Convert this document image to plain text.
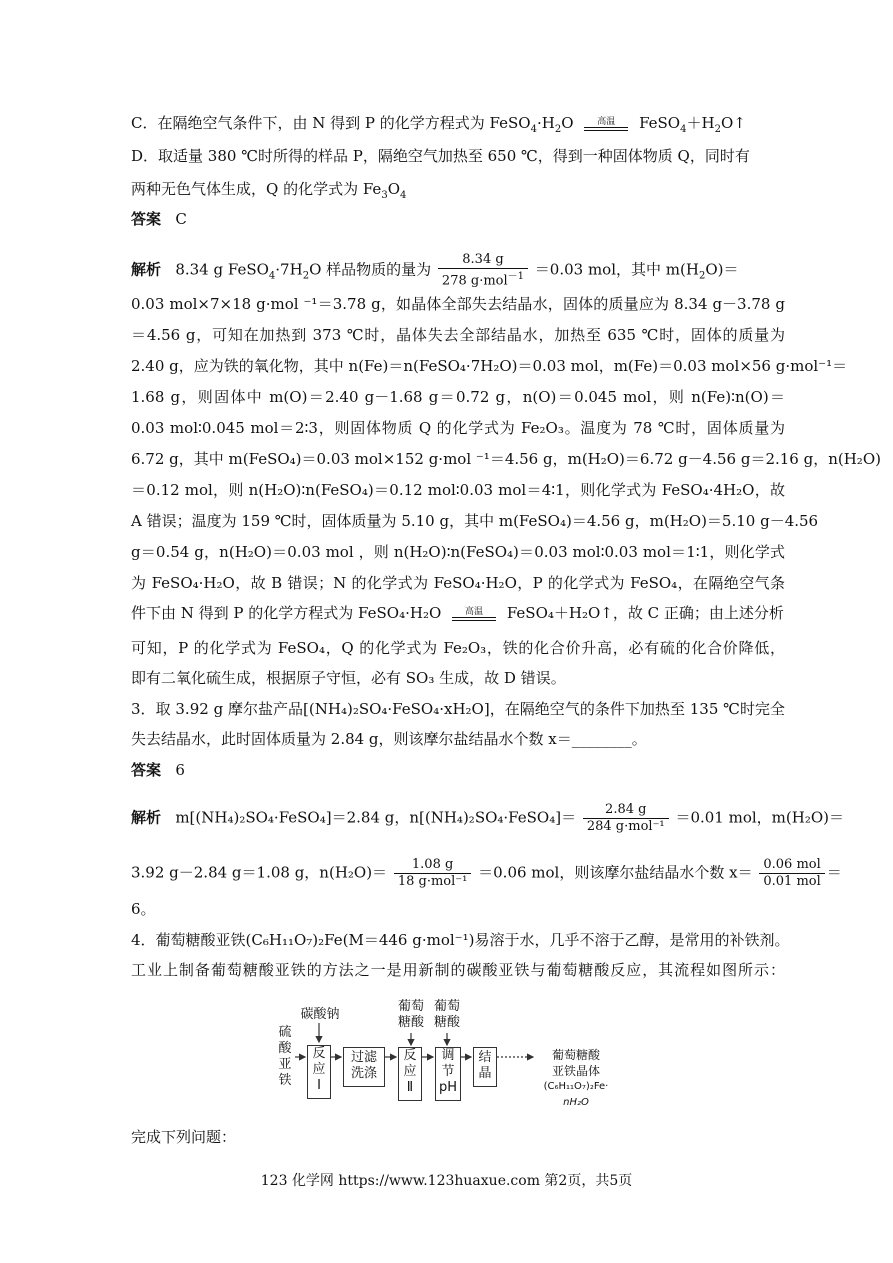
C．在隔绝空气条件下，由 N 得到 P 的化学方程式为 $FeSO_4\cdot H_2O$	高温	$FeSO_4+H_2O↑$
D．取适量 380 ℃时所得的样品 P，隔绝空气加热至 650 ℃，得到一种固体物质 Q，同时有
两种无色气体生成，Q 的化学式为 $Fe_3O_4$
答案 C
解析 8.34 g $FeSO_4\cdot 7H_2O$ 样品物质的量为 $\frac{8.34 g}{278 g\cdot mol^{-1}} =0.03$ mol，其中 $m(H_2O)=$
0.03 mol×7×18 g·mol ⁻¹＝3.78 g，如晶体全部失去结晶水，固体的质量应为 8.34 g－3.78 g
＝4.56 g，可知在加热到 373 ℃时，晶体失去全部结晶水，加热至 635 ℃时，固体的质量为
2.40 g，应为铁的氧化物，其中 n(Fe)＝n(FeSO₄·7H₂O)＝0.03 mol，m(Fe)＝0.03 mol×56 g·mol⁻¹＝
1.68 g，则固体中 m(O)＝2.40 g－1.68 g＝0.72 g，n(O)＝0.045 mol，则 n(Fe)∶n(O)＝
0.03 mol∶0.045 mol＝2∶3，则固体物质 Q 的化学式为 Fe₂O₃。温度为 78 ℃时，固体质量为
6.72 g，其中 m(FeSO₄)＝0.03 mol×152 g·mol ⁻¹＝4.56 g，m(H₂O)＝6.72 g－4.56 g＝2.16 g，n(H₂O)
＝0.12 mol，则 n(H₂O)∶n(FeSO₄)＝0.12 mol∶0.03 mol＝4∶1，则化学式为 FeSO₄·4H₂O，故
A 错误；温度为 159 ℃时，固体质量为 5.10 g，其中 m(FeSO₄)＝4.56 g，m(H₂O)＝5.10 g－4.56
g＝0.54 g，n(H₂O)＝0.03 mol ，则 n(H₂O)∶n(FeSO₄)＝0.03 mol∶0.03 mol＝1∶1，则化学式
为 FeSO₄·H₂O，故 B 错误；N 的化学式为 FeSO₄·H₂O，P 的化学式为 FeSO₄，在隔绝空气条
件下由 N 得到 P 的化学方程式为 FeSO₄·H₂O	高温	FeSO₄＋H₂O↑，故 C 正确；由上述分析
可知，P 的化学式为 FeSO₄，Q 的化学式为 Fe₂O₃，铁的化合价升高，必有硫的化合价降低，
即有二氧化硫生成，根据原子守恒，必有 SO₃ 生成，故 D 错误。
3．取 3.92 g 摩尔盐产品[(NH₄)₂SO₄·FeSO₄·xH₂O]，在隔绝空气的条件下加热至 135 ℃时完全
失去结晶水，此时固体质量为 2.84 g，则该摩尔盐结晶水个数 x＝________。
答案 6
解析 m[(NH₄)₂SO₄·FeSO₄]＝2.84 g，n[(NH₄)₂SO₄·FeSO₄]＝ $\frac{2.84 g}{\text{284 g·mol⁻¹}} =0.01$ mol，m(H₂O)＝
3.92 g－2.84 g＝1.08 g，$n(H_2O)= \frac{1.08 g}{\text{18 g·mol⁻¹}} =0.06$ mol，则该摩尔盐结晶水个数 $x= \frac{\text{0.06 mol}}{\text{0.01 mol}}$ ＝
6。
4．葡萄糖酸亚铁(C₆H₁₁O₇)₂Fe(M＝446 g·mol⁻¹)易溶于水，几乎不溶于乙醇，是常用的补铁剂。
工业上制备葡萄糖酸亚铁的方法之一是用新制的碳酸亚铁与葡萄糖酸反应，其流程如图所示：
硫
酸
亚
铁
碳酸钠
反
应
Ⅰ
过滤
洗涤
葡萄
糖酸
反
应
Ⅱ
葡萄
糖酸
调
节
pH
结
晶
葡萄糖酸
亚铁晶体
(C₆H₁₁O₇)₂Fe·
nH₂O
完成下列问题：
123 化学网 https://www.123huaxue.com 第2页，共5页
